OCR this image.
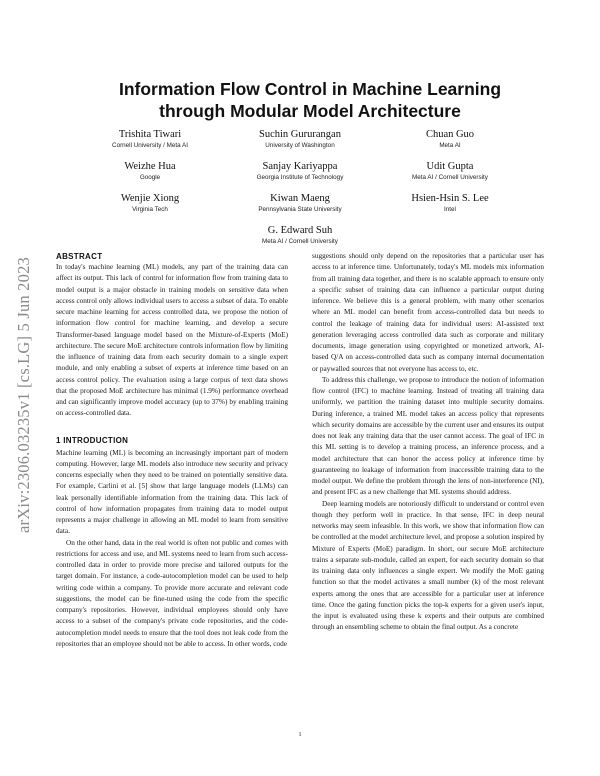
arXiv:2306.03235v1 [cs.LG] 5 Jun 2023
Information Flow Control in Machine Learning
through Modular Model Architecture
Trishita Tiwari
Cornell University / Meta AI
Suchin Gururangan
University of Washington
Chuan Guo
Meta AI
Weizhe Hua
Google
Sanjay Kariyappa
Georgia Institute of Technology
Udit Gupta
Meta AI / Cornell University
Wenjie Xiong
Virginia Tech
Kiwan Maeng
Pennsylvania State University
Hsien-Hsin S. Lee
Intel
G. Edward Suh
Meta AI / Cornell University
ABSTRACT

In today's machine learning (ML) models, any part of the training data can affect its output. This lack of control for information flow from training data to model output is a major obstacle in training models on sensitive data when access control only allows individual users to access a subset of data. To enable secure machine learning for access controlled data, we propose the notion of information flow control for machine learning, and develop a secure Transformer-based language model based on the Mixture-of-Experts (MoE) architecture. The secure MoE architecture controls information flow by limiting the influence of training data from each security domain to a single expert module, and only enabling a subset of experts at inference time based on an access control policy. The evaluation using a large corpus of text data shows that the proposed MoE architecture has minimal (1.9%) performance overhead and can significantly improve model accuracy (up to 37%) by enabling training on access-controlled data.

1 INTRODUCTION

Machine learning (ML) is becoming an increasingly important part of modern computing. However, large ML models also introduce new security and privacy concerns especially when they need to be trained on potentially sensitive data. For example, Carlini et al. [5] show that large language models (LLMs) can leak personally identifiable information from the training data. This lack of control of how information propagates from training data to model output represents a major challenge in allowing an ML model to learn from sensitive data.

On the other hand, data in the real world is often not public and comes with restrictions for access and use, and ML systems need to learn from such access-controlled data in order to provide more precise and tailored outputs for the target domain. For instance, a code-autocompletion model can be used to help writing code within a company. To provide more accurate and relevant code suggestions, the model can be fine-tuned using the code from the specific company's repositories. However, individual employees should only have access to a subset of the company's private code repositories, and the code-autocompletion model needs to ensure that the tool does not leak code from the repositories that an employee should not be able to access. In other words, code

suggestions should only depend on the repositories that a particular user has access to at inference time. Unfortunately, today's ML models mix information from all training data together, and there is no scalable approach to ensure only a specific subset of training data can influence a particular output during inference. We believe this is a general problem, with many other scenarios where an ML model can benefit from access-controlled data but needs to control the leakage of training data for individual users: AI-assisted text generation leveraging access controlled data such as corporate and military documents, image generation using copyrighted or monetized artwork, AI-based Q/A on access-controlled data such as company internal documentation or paywalled sources that not everyone has access to, etc.

To address this challenge, we propose to introduce the notion of information flow control (IFC) to machine learning. Instead of treating all training data uniformly, we partition the training dataset into multiple security domains. During inference, a trained ML model takes an access policy that represents which security domains are accessible by the current user and ensures its output does not leak any training data that the user cannot access. The goal of IFC in this ML setting is to develop a training process, an inference process, and a model architecture that can honor the access policy at inference time by guaranteeing no leakage of information from inaccessible training data to the model output. We define the problem through the lens of non-interference (NI), and present IFC as a new challenge that ML systems should address.

Deep learning models are notoriously difficult to understand or control even though they perform well in practice. In that sense, IFC in deep neural networks may seem infeasible. In this work, we show that information flow can be controlled at the model architecture level, and propose a solution inspired by Mixture of Experts (MoE) paradigm. In short, our secure MoE architecture trains a separate sub-module, called an expert, for each security domain so that its training data only influences a single expert. We modify the MoE gating function so that the model activates a small number (k) of the most relevant experts among the ones that are accessible for a particular user at inference time. Once the gating function picks the top-k experts for a given user's input, the input is evaluated using these k experts and their outputs are combined through an ensembling scheme to obtain the final output. As a concrete

1
